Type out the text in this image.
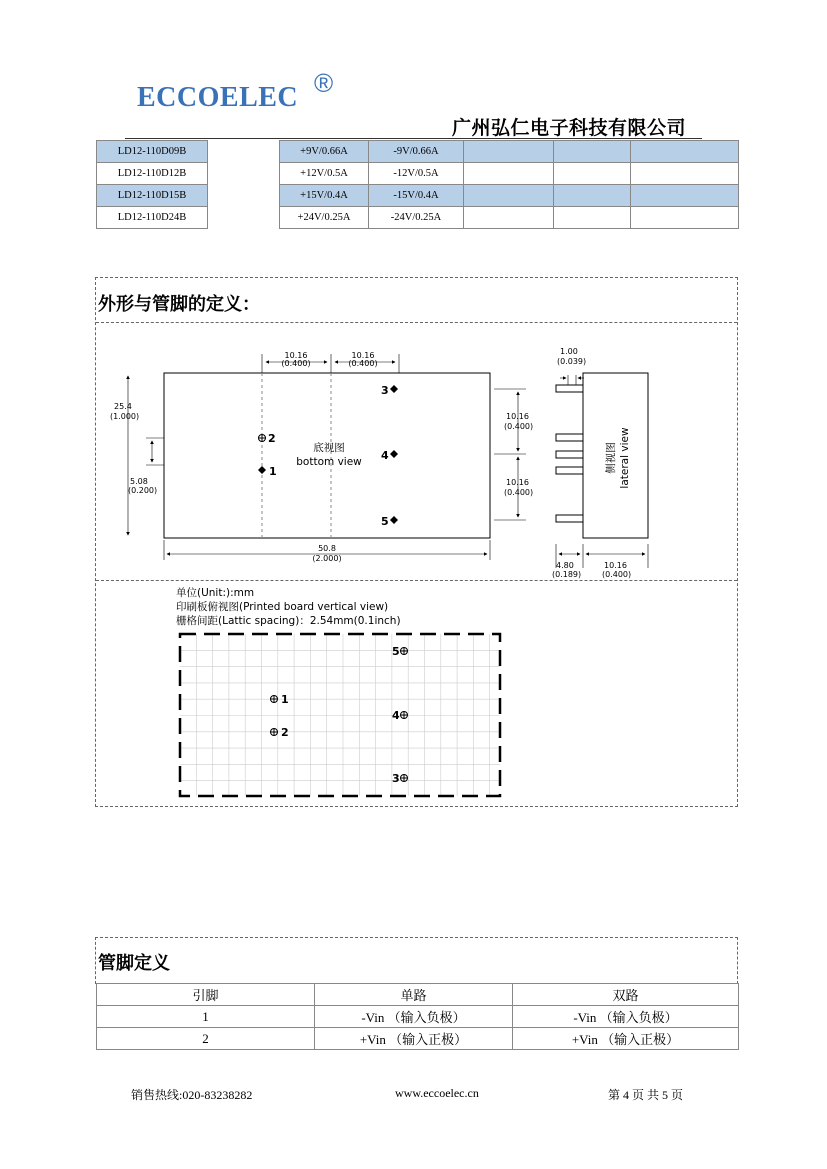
ECCOELEC ®
广州弘仁电子科技有限公司
LD12-110D09B		+9V/0.66A	-9V/0.66A			
LD12-110D12B		+12V/0.5A	-12V/0.5A			
LD12-110D15B		+15V/0.4A	-15V/0.4A			
LD12-110D24B		+24V/0.25A	-24V/0.25A			
外形与管脚的定义：
10.16
(0.400)
10.16
(0.400)
25.4
(1.000)
5.08
(0.200)
2
1
3
4
5
底视图
bottom view
10.16
(0.400)
10.16
(0.400)
50.8
(2.000)
1.00
(0.039)
侧视图 lateral view
4.80
(0.189)
10.16
(0.400)
单位(Unit:):mm
印刷板俯视图(Printed board vertical view)
栅格间距(Lattic spacing)：2.54mm(0.1inch)
1
2
3
4
5
管脚定义
引脚	单路	双路
1	-Vin （输入负极）	-Vin （输入负极）
2	+Vin （输入正极）	+Vin （输入正极）
销售热线:020-83238282	www.eccoelec.cn	第 4 页 共 5 页
